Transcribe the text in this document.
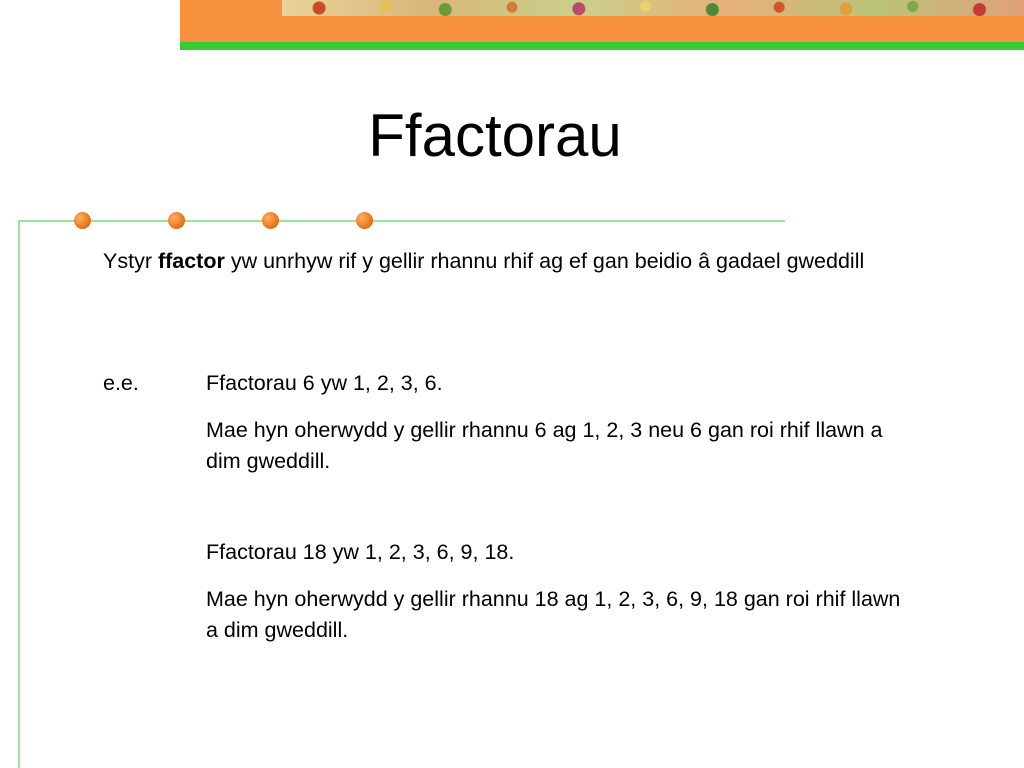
Ffactorau
Ystyr ffactor yw unrhyw rif y gellir rhannu rhif ag ef gan beidio â gadael gweddill
e.e.	Ffactorau 6 yw 1, 2, 3, 6.
Mae hyn oherwydd y gellir rhannu 6 ag 1, 2, 3 neu 6 gan roi rhif llawn a dim gweddill.
Ffactorau 18 yw 1, 2, 3, 6, 9, 18.
Mae hyn oherwydd y gellir rhannu 18 ag 1, 2, 3, 6, 9, 18 gan roi rhif llawn a dim gweddill.
